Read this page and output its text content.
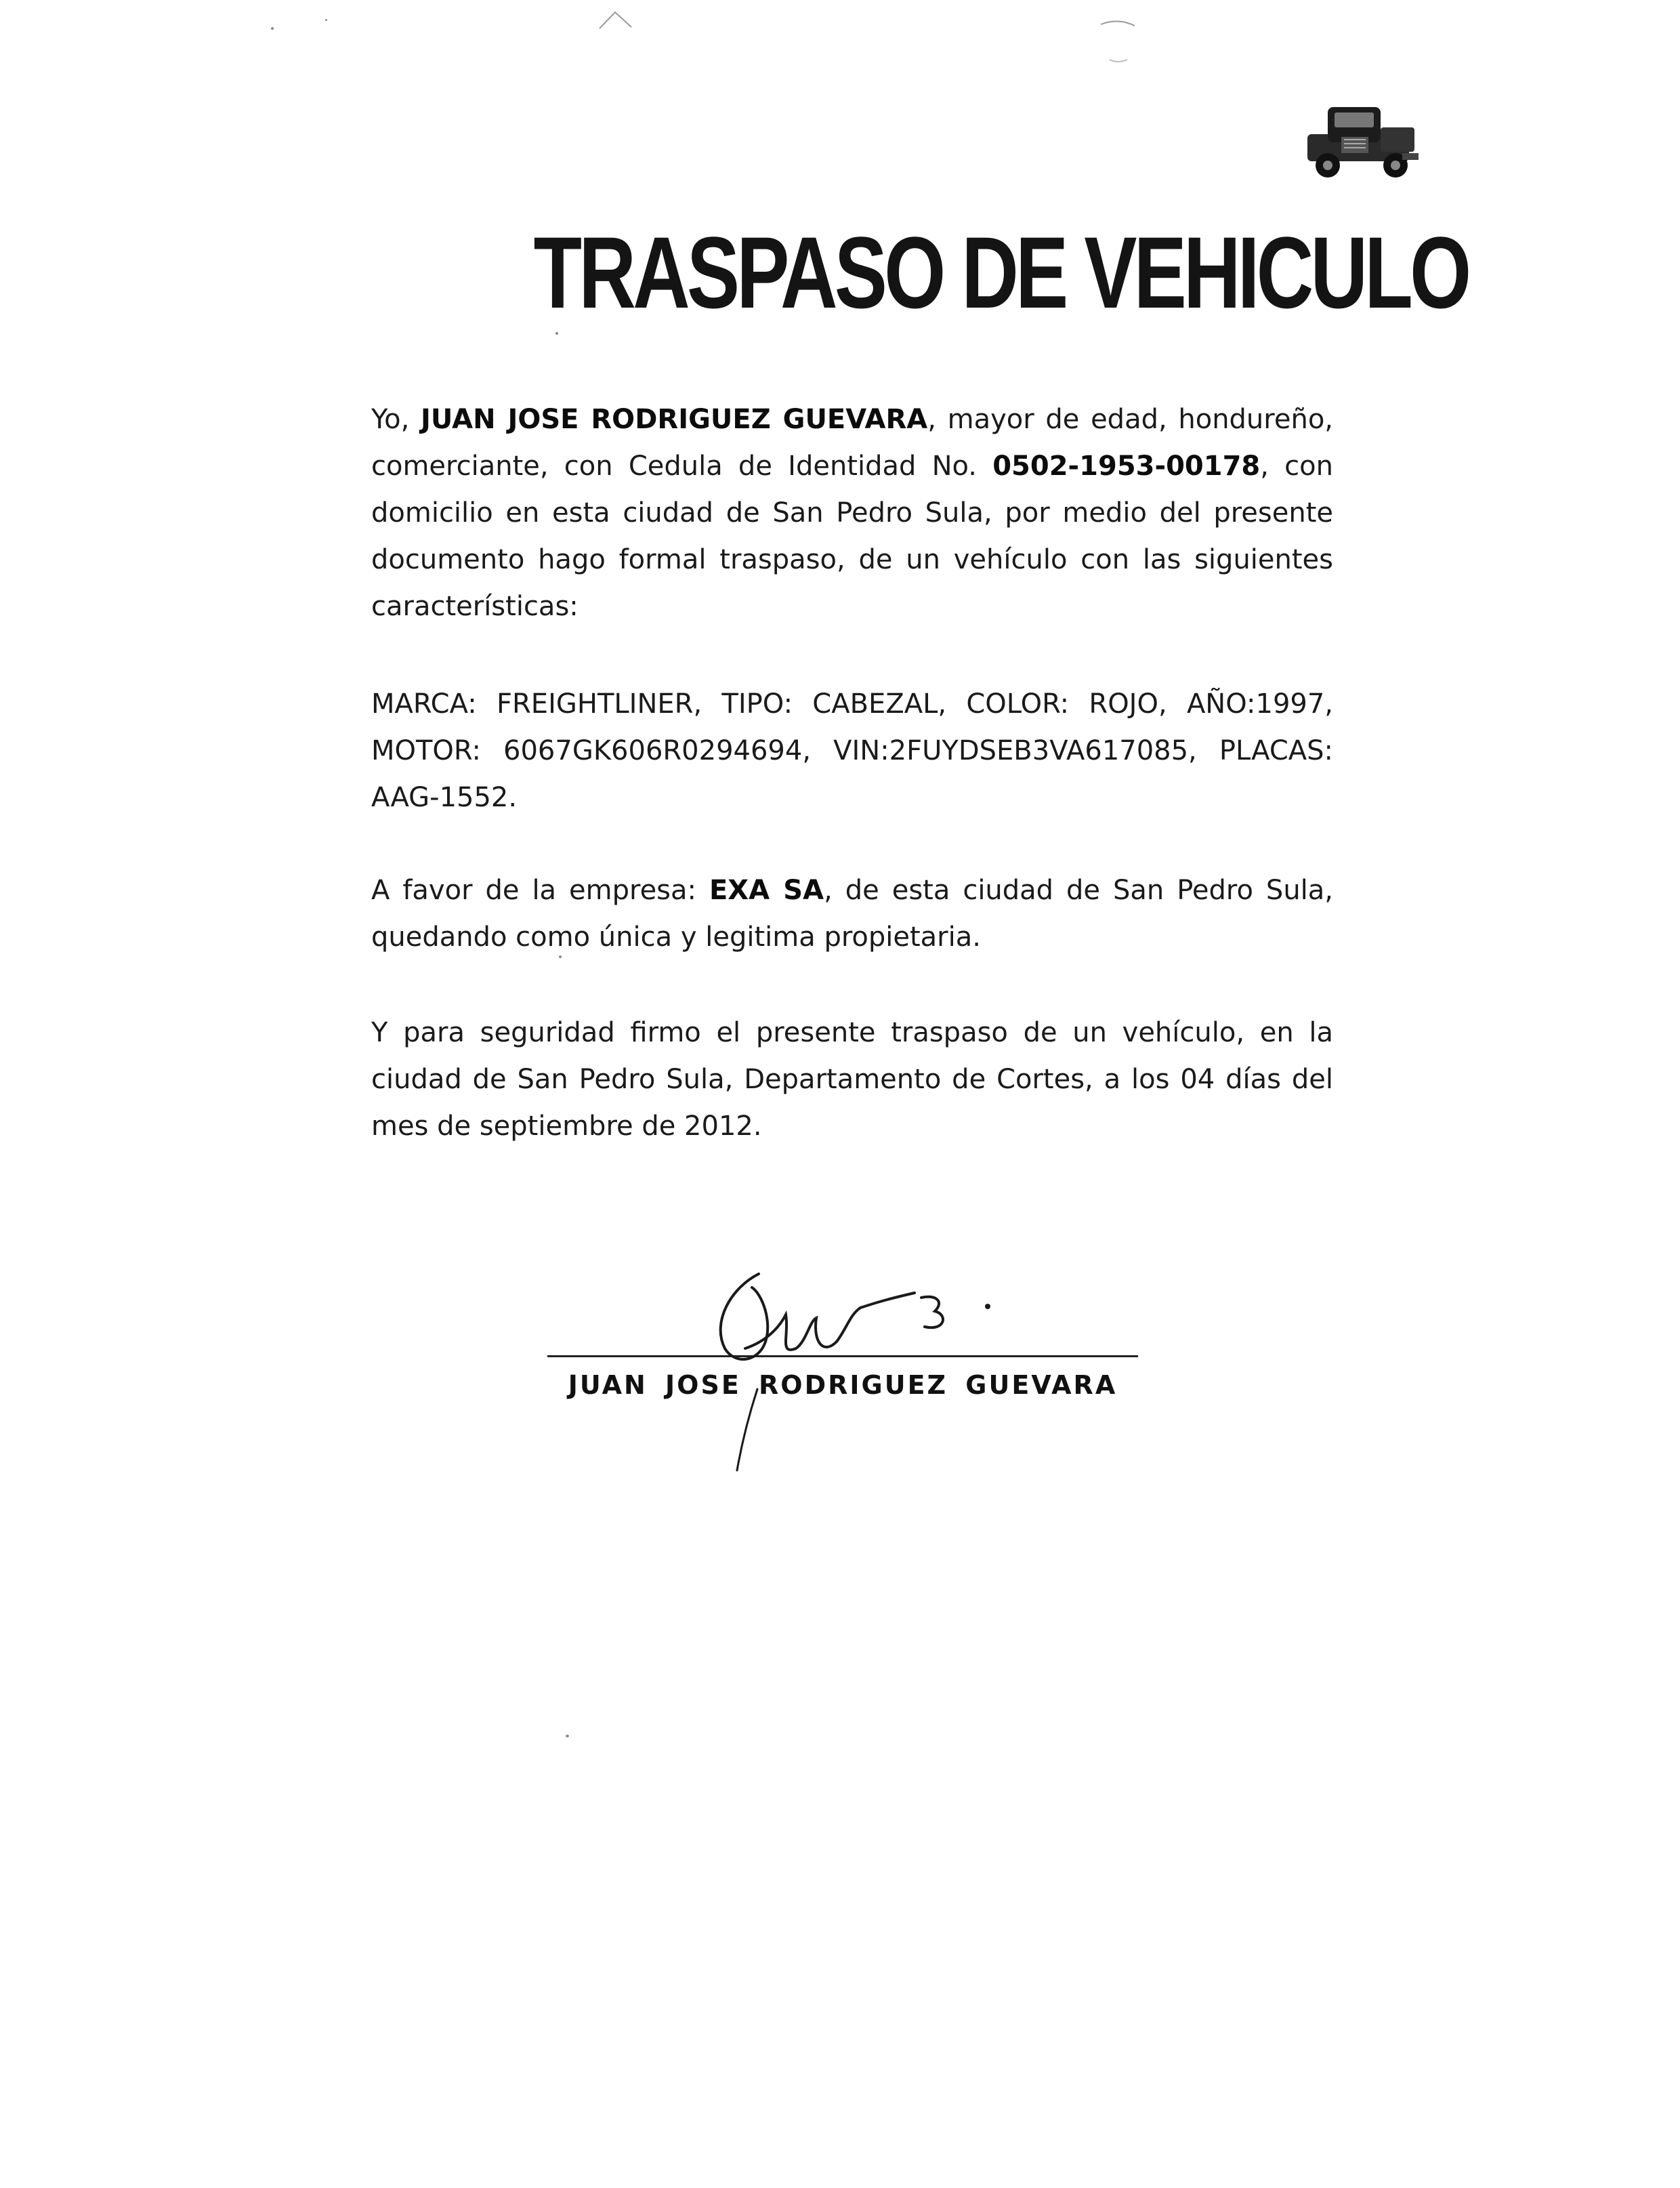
TRASPASO DE VEHICULO

Yo, JUAN JOSE RODRIGUEZ GUEVARA, mayor de edad, hondureño, comerciante, con Cedula de Identidad No. 0502-1953-00178, con domicilio en esta ciudad de San Pedro Sula, por medio del presente documento hago formal traspaso, de un vehículo con las siguientes características:

MARCA: FREIGHTLINER, TIPO: CABEZAL, COLOR: ROJO, AÑO:1997, MOTOR: 6067GK606R0294694, VIN:2FUYDSEB3VA617085, PLACAS: AAG-1552.

A favor de la empresa: EXA SA, de esta ciudad de San Pedro Sula, quedando como única y legitima propietaria.

Y para seguridad firmo el presente traspaso de un vehículo, en la ciudad de San Pedro Sula, Departamento de Cortes, a los 04 días del mes de septiembre de 2012.

JUAN JOSE RODRIGUEZ GUEVARA
